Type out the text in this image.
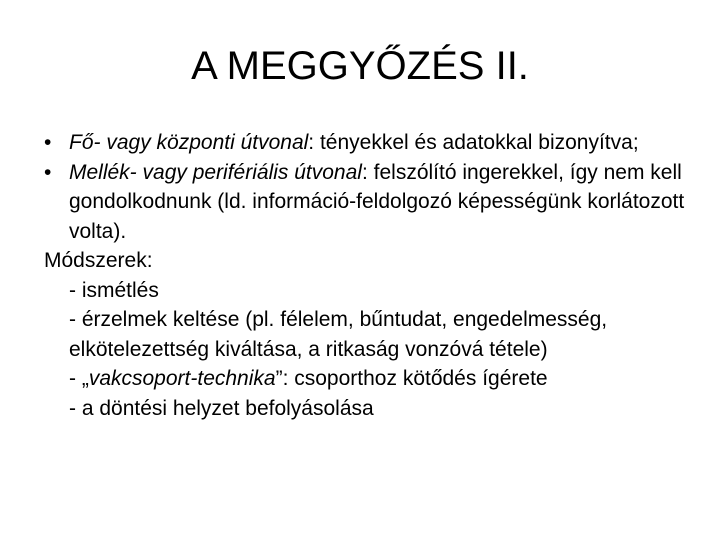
A MEGGYŐZÉS II.
• Fő- vagy központi útvonal: tényekkel és adatokkal bizonyítva;
• Mellék- vagy perifériális útvonal: felszólító ingerekkel, így nem kell gondolkodnunk (ld. információ-feldolgozó képességünk korlátozott volta).
Módszerek:
- ismétlés
- érzelmek keltése (pl. félelem, bűntudat, engedelmesség, elkötelezettség kiváltása, a ritkaság vonzóvá tétele)
- „vakcsoport-technika”: csoporthoz kötődés ígérete
- a döntési helyzet befolyásolása
